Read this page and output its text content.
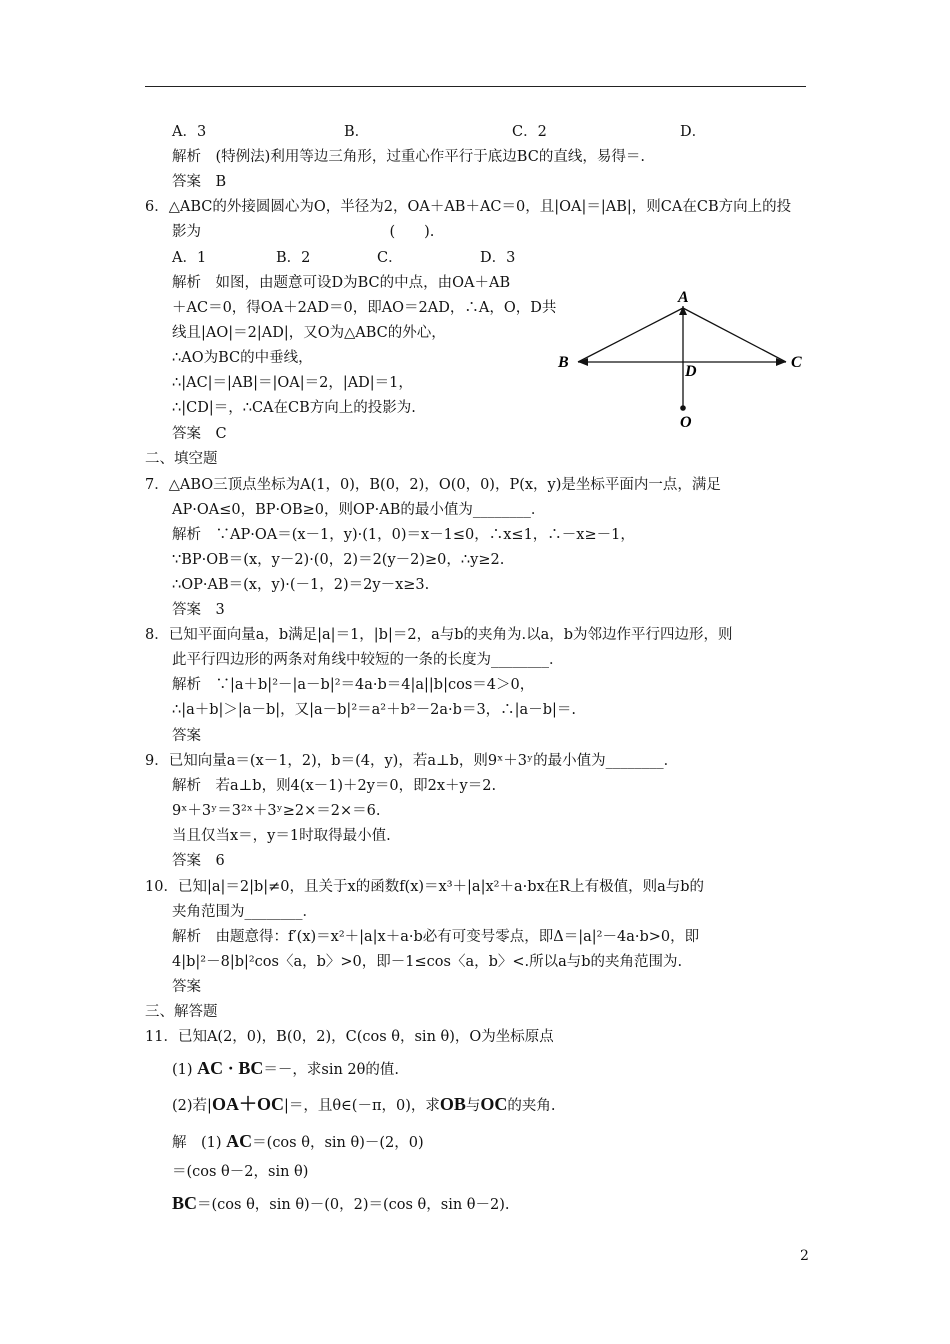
A．3	B．	C．2	D．
解析　(特例法)利用等边三角形，过重心作平行于底边BC的直线，易得＝.
答案　B
6．△ABC的外接圆圆心为O，半径为2，OA＋AB＋AC＝0，且|OA|＝|AB|，则CA在CB方向上的投
影为　　　　　　　　　　　　　(　　).
A．1	B．2	C．	D．3
解析　如图，由题意可设D为BC的中点，由OA＋AB
＋AC＝0，得OA＋2AD＝0，即AO＝2AD，∴A，O，D共
线且|AO|＝2|AD|，又O为△ABC的外心，
∴AO为BC的中垂线，
∴|AC|＝|AB|＝|OA|＝2，|AD|＝1，
∴|CD|＝，∴CA在CB方向上的投影为.
答案　C
A
B	C
D
O
二、填空题
7．△ABO三顶点坐标为A(1，0)，B(0，2)，O(0，0)，P(x，y)是坐标平面内一点，满足
AP·OA≤0，BP·OB≥0，则OP·AB的最小值为________．
解析　∵AP·OA＝(x－1，y)·(1，0)＝x－1≤0，∴x≤1，∴－x≥－1，
∵BP·OB＝(x，y－2)·(0，2)＝2(y－2)≥0，∴y≥2.
∴OP·AB＝(x，y)·(－1，2)＝2y－x≥3.
答案　3
8．已知平面向量a，b满足|a|＝1，|b|＝2，a与b的夹角为.以a，b为邻边作平行四边形，则
此平行四边形的两条对角线中较短的一条的长度为________．
解析　∵|a＋b|²－|a－b|²＝4a·b＝4|a||b|cos＝4＞0，
∴|a＋b|＞|a－b|，又|a－b|²＝a²＋b²－2a·b＝3，∴|a－b|＝.
答案
9．已知向量a＝(x－1，2)，b＝(4，y)，若a⊥b，则9ˣ＋3ʸ的最小值为________．
解析　若a⊥b，则4(x－1)＋2y＝0，即2x＋y＝2.
9ˣ＋3ʸ＝3²ˣ＋3ʸ≥2×＝2×＝6.
当且仅当x＝，y＝1时取得最小值.
答案　6
10．已知|a|＝2|b|≠0，且关于x的函数f(x)＝x³＋|a|x²＋a·bx在R上有极值，则a与b的
夹角范围为________．
解析　由题意得：f′(x)＝x²＋|a|x＋a·b必有可变号零点，即Δ＝|a|²－4a·b>0，即
4|b|²－8|b|²cos〈a，b〉>0，即－1≤cos〈a，b〉<.所以a与b的夹角范围为.
答案
三、解答题
11．已知A(2，0)，B(0，2)，C(cos θ，sin θ)，O为坐标原点
(1) AC · BC＝－，求sin 2θ的值.
(2)若|OA＋OC|＝，且θ∈(－π，0)，求OB与OC的夹角.
解　(1) AC＝(cos θ，sin θ)－(2，0)
＝(cos θ－2，sin θ)
BC＝(cos θ，sin θ)－(0，2)＝(cos θ，sin θ－2).
2
